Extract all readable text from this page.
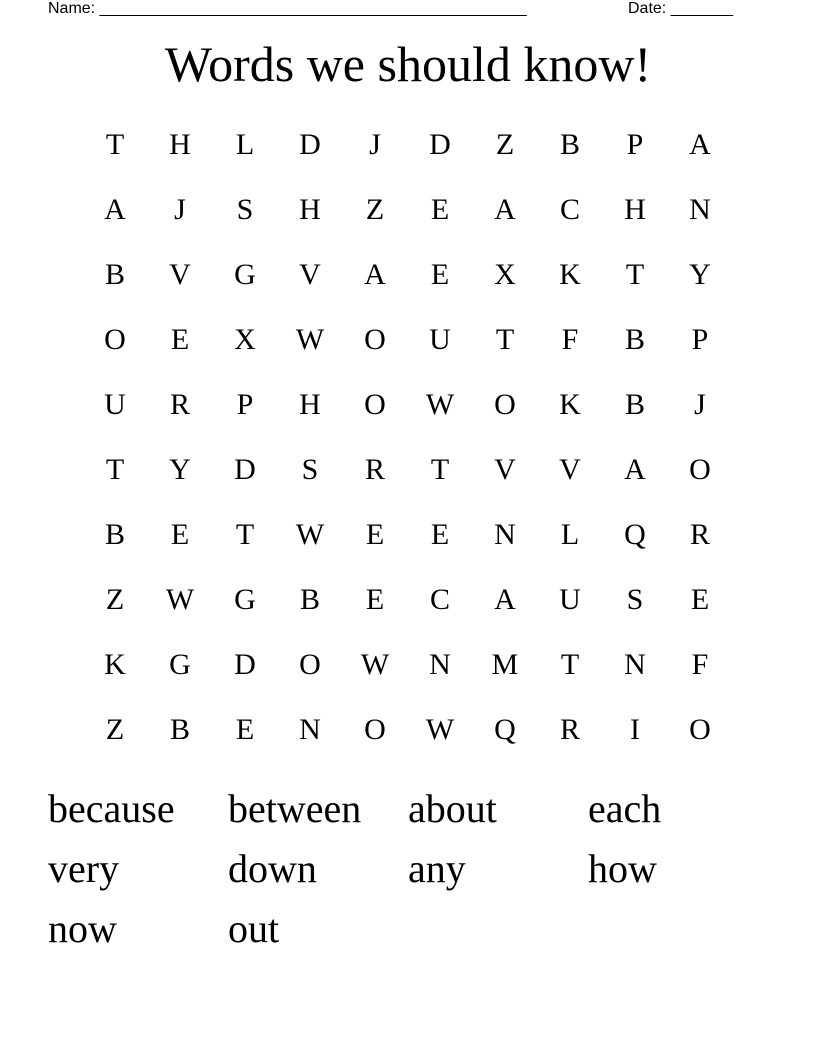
Name: ________________________________________________	Date: _______
Words we should know!
T	H	L	D	J	D	Z	B	P	A
A	J	S	H	Z	E	A	C	H	N
B	V	G	V	A	E	X	K	T	Y
O	E	X	W	O	U	T	F	B	P
U	R	P	H	O	W	O	K	B	J
T	Y	D	S	R	T	V	V	A	O
B	E	T	W	E	E	N	L	Q	R
Z	W	G	B	E	C	A	U	S	E
K	G	D	O	W	N	M	T	N	F
Z	B	E	N	O	W	Q	R	I	O
because between about each
very	down any	how
now	out
